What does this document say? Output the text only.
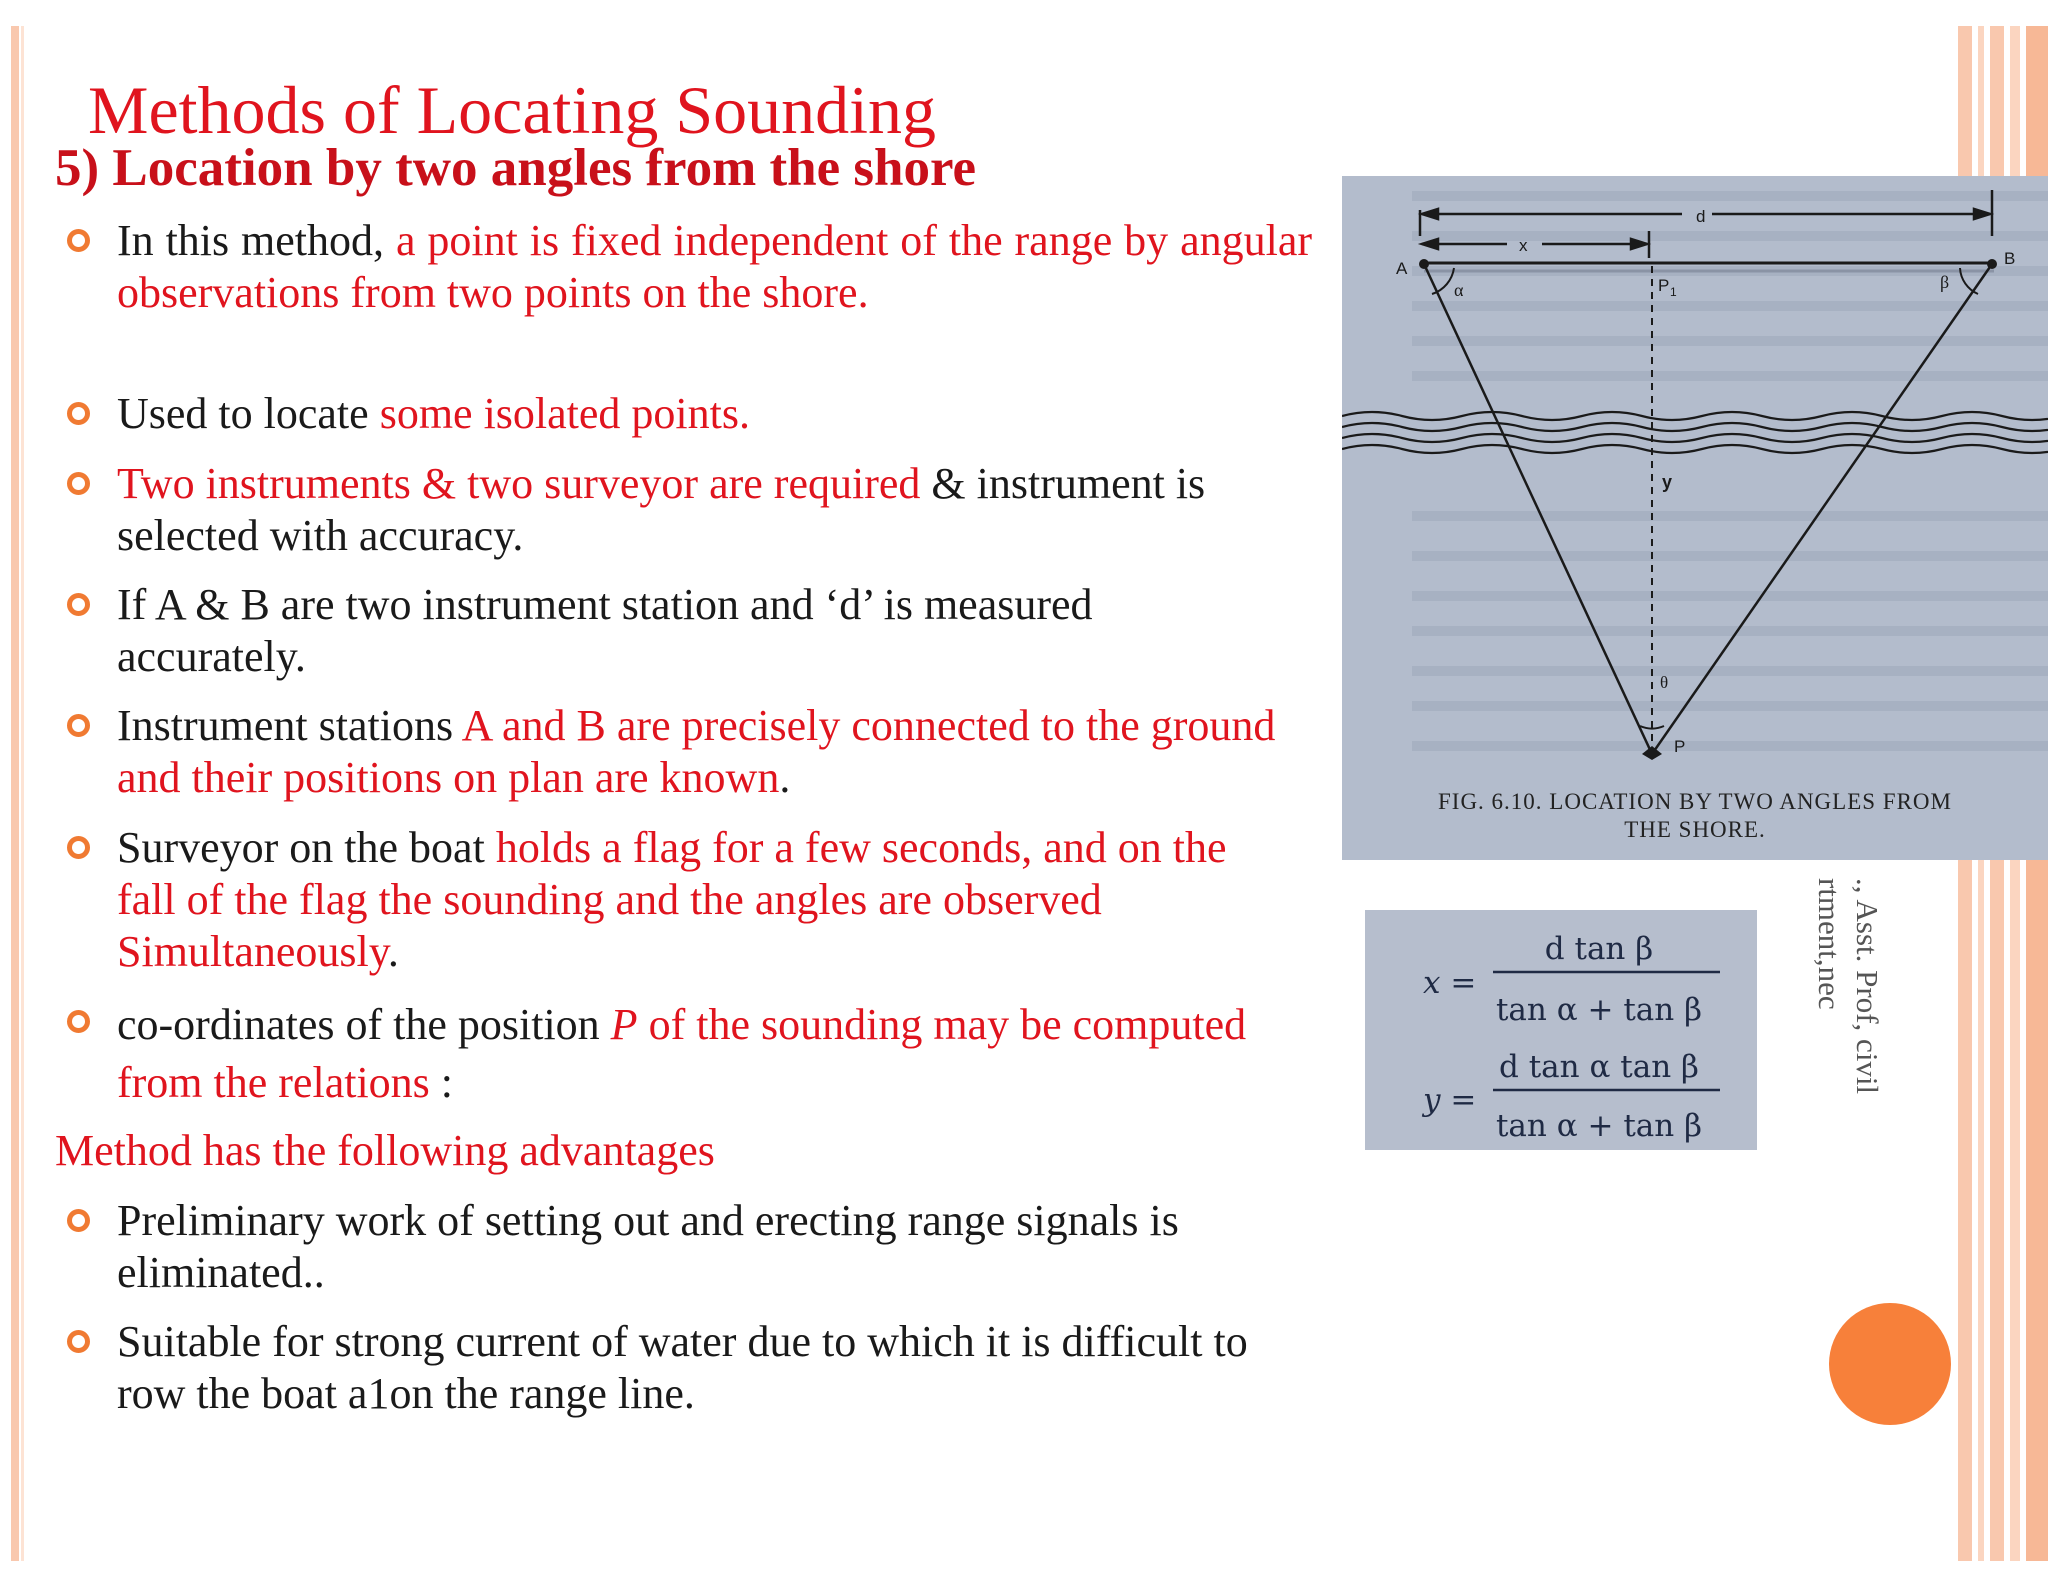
., Asst. Prof, civil
rtment,nec
Methods of Locating Sounding
5) Location by two angles from the shore
In this method, a point is fixed independent of the range by angular observations from two points on the shore.
Used to locate some isolated points.
Two instruments & two surveyor are required & instrument is selected with accuracy.
If A & B are two instrument station and ‘d’ is measured accurately.
Instrument stations A and B are precisely connected to the ground and their positions on plan are known.
Surveyor on the boat holds a flag for a few seconds, and on the fall of the flag the sounding and the angles are observed Simultaneously.
co-ordinates of the position P of the sounding may be computed from the relations :
Method has the following advantages
Preliminary work of setting out and erecting range signals is eliminated..
Suitable for strong current of water due to which it is difficult to row the boat a1on the range line.
d
x
A
B
P 1
α	β
y
θ
P
FIG. 6.10. LOCATION BY TWO ANGLES FROM
THE SHORE.
x =
d tan β
tan α + tan β
y =
d tan α tan β
tan α + tan β
